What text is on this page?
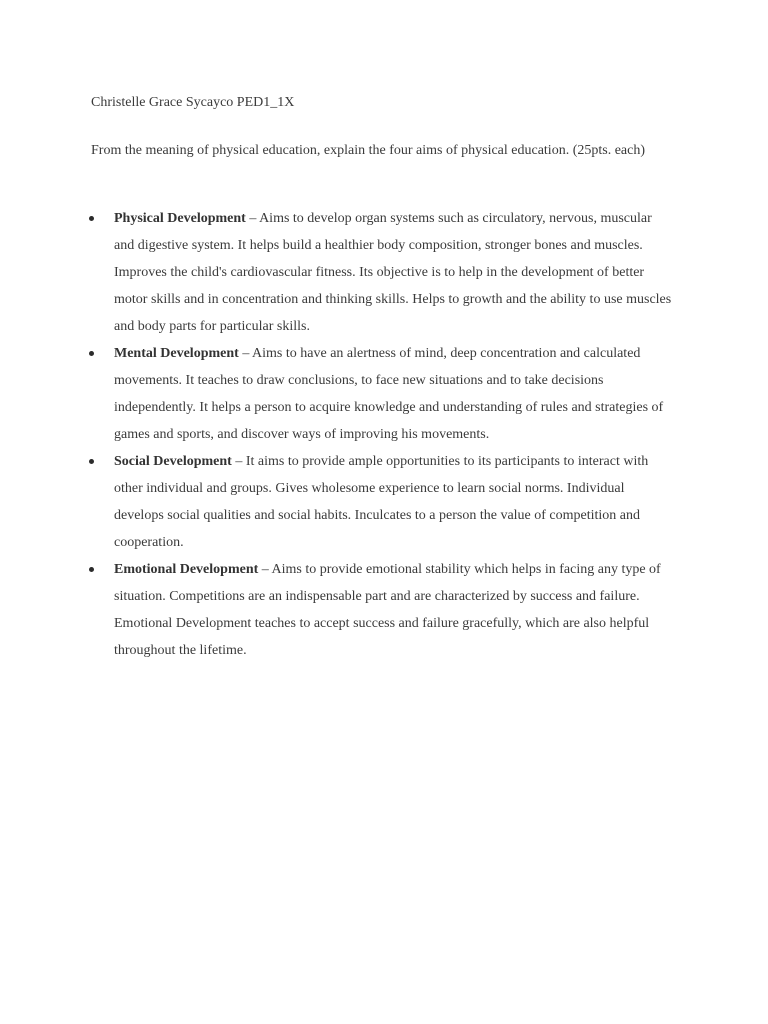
Christelle Grace Sycayco PED1_1X
From the meaning of physical education, explain the four aims of physical education. (25pts. each)
Physical Development – Aims to develop organ systems such as circulatory, nervous, muscular and digestive system. It helps build a healthier body composition, stronger bones and muscles. Improves the child's cardiovascular fitness. Its objective is to help in the development of better motor skills and in concentration and thinking skills. Helps to growth and the ability to use muscles and body parts for particular skills.
Mental Development – Aims to have an alertness of mind, deep concentration and calculated movements. It teaches to draw conclusions, to face new situations and to take decisions independently. It helps a person to acquire knowledge and understanding of rules and strategies of games and sports, and discover ways of improving his movements.
Social Development – It aims to provide ample opportunities to its participants to interact with other individual and groups. Gives wholesome experience to learn social norms. Individual develops social qualities and social habits. Inculcates to a person the value of competition and cooperation.
Emotional Development – Aims to provide emotional stability which helps in facing any type of situation. Competitions are an indispensable part and are characterized by success and failure. Emotional Development teaches to accept success and failure gracefully, which are also helpful throughout the lifetime.
